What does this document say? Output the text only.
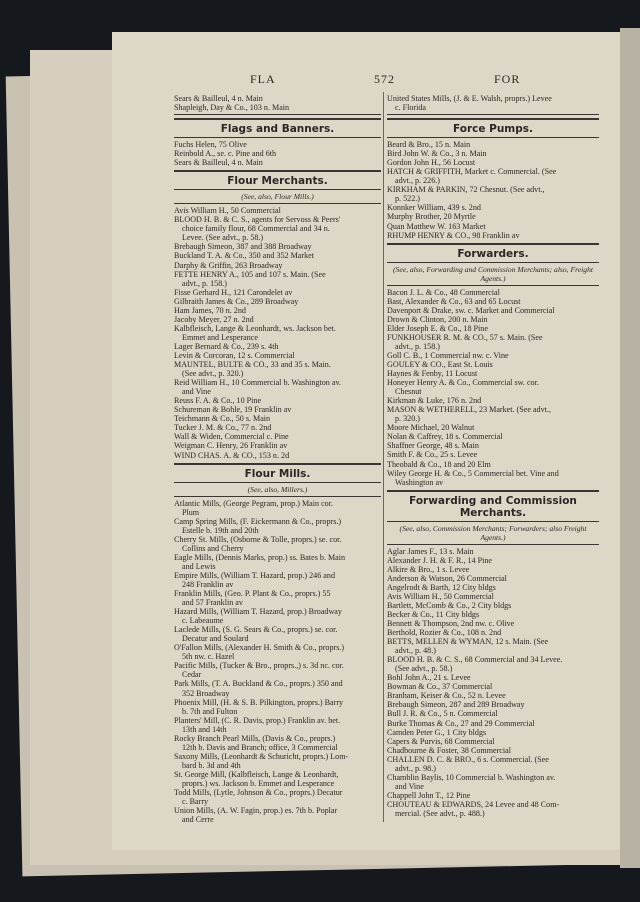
FLA	572	FOR
Sears & Bailleul, 4 n. Main
Shapleigh, Day & Co., 103 n. Main
Flags and Banners.
Fuchs Helen, 75 Olive
Reinbold A., se. c. Pine and 6th
Sears & Bailleul, 4 n. Main
Flour Merchants.
(See, also, Flour Mills.)
Avis William H., 50 Commercial
BLOOD H. B. & C. S., agents for Servoss & Peers'
choice family flour, 68 Commercial and 34 n.
Levee. (See advt., p. 58.)
Brebaugh Simeon, 387 and 388 Broadway
Buckland T. A. & Co., 350 and 352 Market
Darphy & Griffin, 263 Broadway
FETTE HENRY A., 105 and 107 s. Main. (See
advt., p. 158.)
Fisse Gerhard H., 121 Carondelet av
Gilbraith James & Co., 289 Broadway
Ham James, 70 n. 2nd
Jacoby Meyer, 27 n. 2nd
Kalbfleisch, Lange & Leonhardt, ws. Jackson bet.
Emmet and Lesperance
Lager Bernard & Co., 239 s. 4th
Levin & Corcoran, 12 s. Commercial
MAUNTEL, BULTE & CO., 33 and 35 s. Main.
(See advt., p. 320.)
Reid William H., 10 Commercial b. Washington av.
and Vine
Reuss F. A. & Co., 10 Pine
Schureman & Bohle, 19 Franklin av
Teichmann & Co., 50 s. Main
Tucker J. M. & Co., 77 n. 2nd
Wall & Widen, Commercial c. Pine
Weigman C. Henry, 26 Franklin av
WIND CHAS. A. & CO., 153 n. 2d
Flour Mills.
(See, also, Millers.)
Atlantic Mills, (George Pegram, prop.) Main cor.
Plum
Camp Spring Mills, (F. Eickermann & Co., proprs.)
Estelle b. 19th and 20th
Cherry St. Mills, (Osborne & Tolle, proprs.) se. cor.
Collins and Cherry
Eagle Mills, (Dennis Marks, prop.) ss. Bates b. Main
and Lewis
Empire Mills, (William T. Hazard, prop.) 246 and
248 Franklin av
Franklin Mills, (Geo. P. Plant & Co., proprs.) 55
and 57 Franklin av
Hazard Mills, (William T. Hazard, prop.) Broadway
c. Labeaume
Laclede Mills, (S. G. Sears & Co., proprs.) se. cor.
Decatur and Soulard
O'Fallon Mills, (Alexander H. Smith & Co., proprs.)
5th nw. c. Hazel
Pacific Mills, (Tucker & Bro., proprs.,) s. 3d nc. cor.
Cedar
Park Mills, (T. A. Buckland & Co., proprs.) 350 and
352 Broadway
Phoenix Mill, (H. & S. B. Pilkington, proprs.) Barry
b. 7th and Fulton
Planters' Mill, (C. R. Davis, prop.) Franklin av. bet.
13th and 14th
Rocky Branch Pearl Mills, (Davis & Co., proprs.)
12th b. Davis and Branch; office, 3 Commercial
Saxony Mills, (Leonhardt & Schuricht, proprs.) Lom-
bard b. 3d and 4th
St. George Mill, (Kalbfleisch, Lange & Leonhardt,
proprs.) ws. Jackson b. Emmet and Lesperance
Todd Mills, (Lytle, Johnson & Co., proprs.) Decatur
c. Barry
Union Mills, (A. W. Fagin, prop.) es. 7th b. Poplar
and Cerre
United States Mills, (J. & E. Walsh, proprs.) Levee
c. Florida
Force Pumps.
Beard & Bro., 15 n. Main
Bird John W. & Co., 3 n. Main
Gordon John H., 56 Locust
HATCH & GRIFFITH, Market c. Commercial. (See
advt., p. 226.)
KIRKHAM & PARKIN, 72 Chesnut. (See advt.,
p. 522.)
Konnker William, 439 s. 2nd
Murphy Brother, 20 Myrtle
Quan Matthew W. 163 Market
RHUMP HENRY & CO., 98 Franklin av
Forwarders.
(See, also, Forwarding and Commission Merchants; also, Freight Agents.)
Bacon J. L. & Co., 48 Commercial
Bast, Alexander & Co., 63 and 65 Locust
Davenport & Drake, sw. c. Market and Commercial
Drown & Clinton, 200 n. Main
Elder Joseph E. & Co., 18 Pine
FUNKHOUSER R. M. & CO., 57 s. Main. (See
advt., p. 158.)
Goll C. B., 1 Commercial nw. c. Vine
GOULEY & CO., East St. Louis
Haynes & Fenby, 11 Locust
Honeyer Henry A. & Co., Commercial sw. cor.
Chesnut
Kirkman & Luke, 176 n. 2nd
MASON & WETHERELL, 23 Market. (See advt.,
p. 320.)
Moore Michael, 20 Walnut
Nolan & Caffrey, 18 s. Commercial
Shaffner George, 48 s. Main
Smith F. & Co., 25 s. Levee
Theobald & Co., 18 and 20 Elm
Wiley George H. & Co., 5 Commercial bet. Vine and
Washington av
Forwarding and Commission Merchants.
(See, also, Commission Merchants; Forwarders; also Freight Agents.)
Aglar James F., 13 s. Main
Alexander J. H. & F. R., 14 Pine
Alkire & Bro., 1 s. Levee
Anderson & Watson, 26 Commercial
Angelrodt & Barth, 12 City bldgs
Avis William H., 50 Commercial
Bartlett, McComb & Co., 2 City bldgs
Becker & Co., 11 City bldgs
Bennett & Thompson, 2nd nw. c. Olive
Berthold, Rozier & Co., 108 n. 2nd
BETTS, MELLEN & WYMAN, 12 s. Main. (See
advt., p. 48.)
BLOOD H. B. & C. S., 68 Commercial and 34 Levee.
(See advt., p. 58.)
Bohl John A., 21 s. Levee
Bowman & Co., 37 Commercial
Branham, Keiser & Co., 52 n. Levee
Brebaugh Simeon, 287 and 289 Broadway
Bull J. R. & Co., 5 n. Commercial
Burke Thomas & Co., 27 and 29 Commercial
Camden Peter G., 1 City bldgs
Capers & Purvis, 68 Commercial
Chadbourne & Foster, 38 Commercial
CHALLEN D. C. & BRO., 6 s. Commercial. (See
advt., p. 98.)
Chamblin Baylis, 10 Commercial b. Washington av.
and Vine
Chappell John T., 12 Pine
CHOUTEAU & EDWARDS, 24 Levee and 48 Com-
mercial. (See advt., p. 488.)
